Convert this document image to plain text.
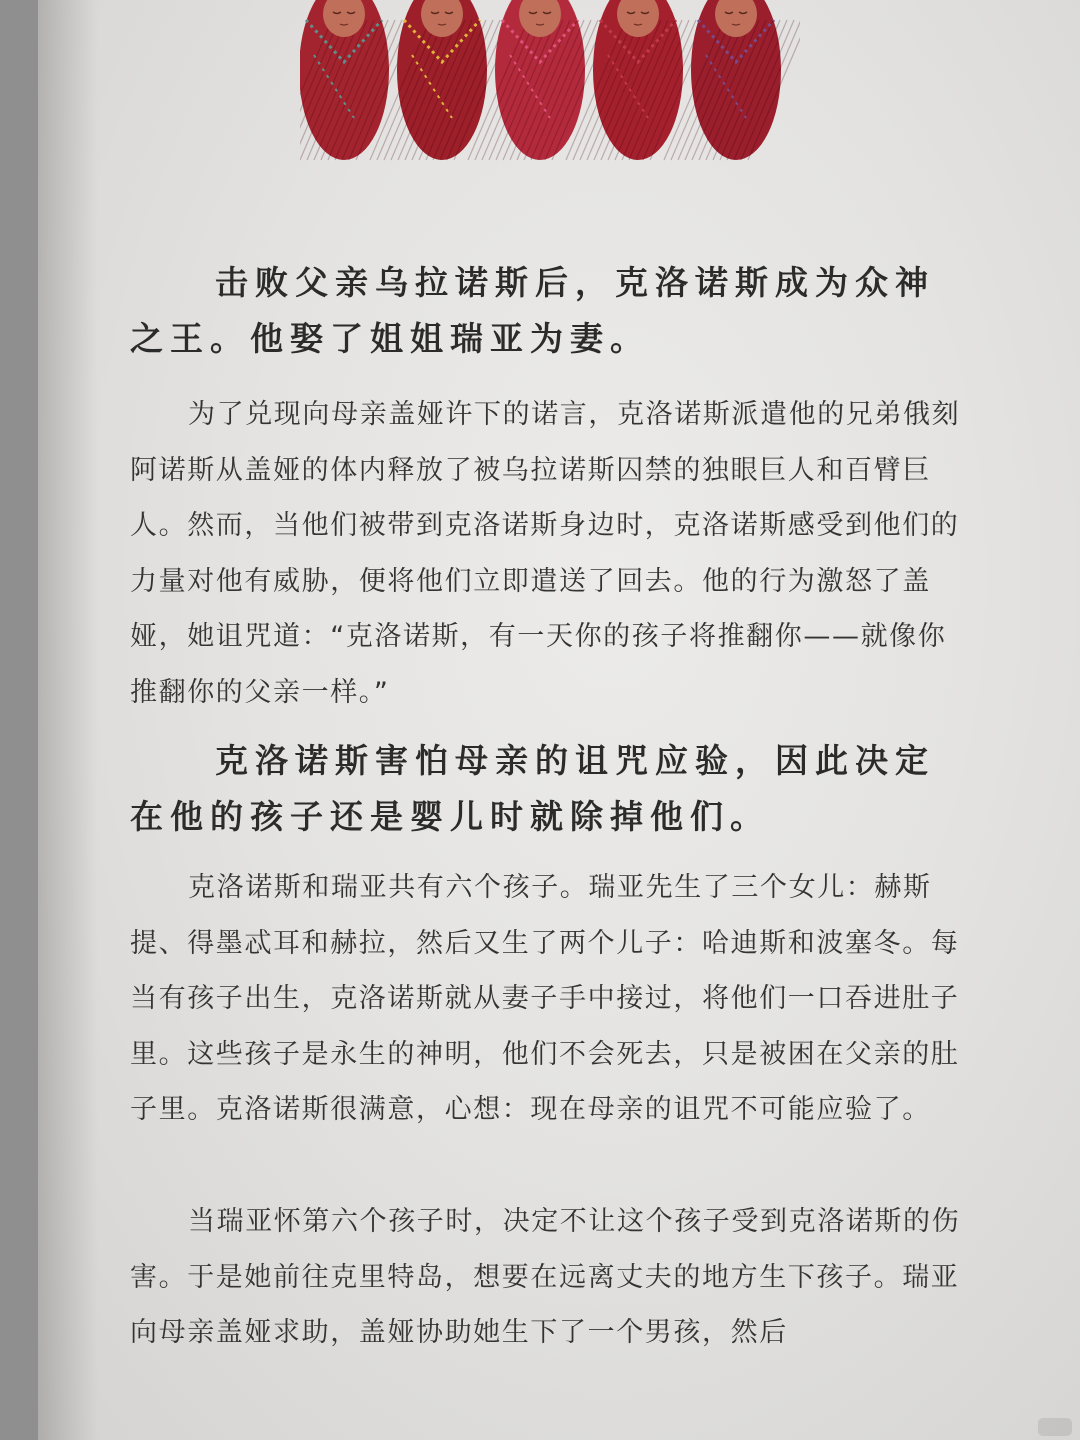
击败父亲乌拉诺斯后，克洛诺斯成为众神之王。他娶了姐姐瑞亚为妻。

为了兑现向母亲盖娅许下的诺言，克洛诺斯派遣他的兄弟俄刻阿诺斯从盖娅的体内释放了被乌拉诺斯囚禁的独眼巨人和百臂巨人。然而，当他们被带到克洛诺斯身边时，克洛诺斯感受到他们的力量对他有威胁，便将他们立即遣送了回去。他的行为激怒了盖娅，她诅咒道：“克洛诺斯，有一天你的孩子将推翻你——就像你推翻你的父亲一样。”

克洛诺斯害怕母亲的诅咒应验，因此决定在他的孩子还是婴儿时就除掉他们。

克洛诺斯和瑞亚共有六个孩子。瑞亚先生了三个女儿：赫斯提、得墨忒耳和赫拉，然后又生了两个儿子：哈迪斯和波塞冬。每当有孩子出生，克洛诺斯就从妻子手中接过，将他们一口吞进肚子里。这些孩子是永生的神明，他们不会死去，只是被困在父亲的肚子里。克洛诺斯很满意，心想：现在母亲的诅咒不可能应验了。

当瑞亚怀第六个孩子时，决定不让这个孩子受到克洛诺斯的伤害。于是她前往克里特岛，想要在远离丈夫的地方生下孩子。瑞亚向母亲盖娅求助，盖娅协助她生下了一个男孩，然后
